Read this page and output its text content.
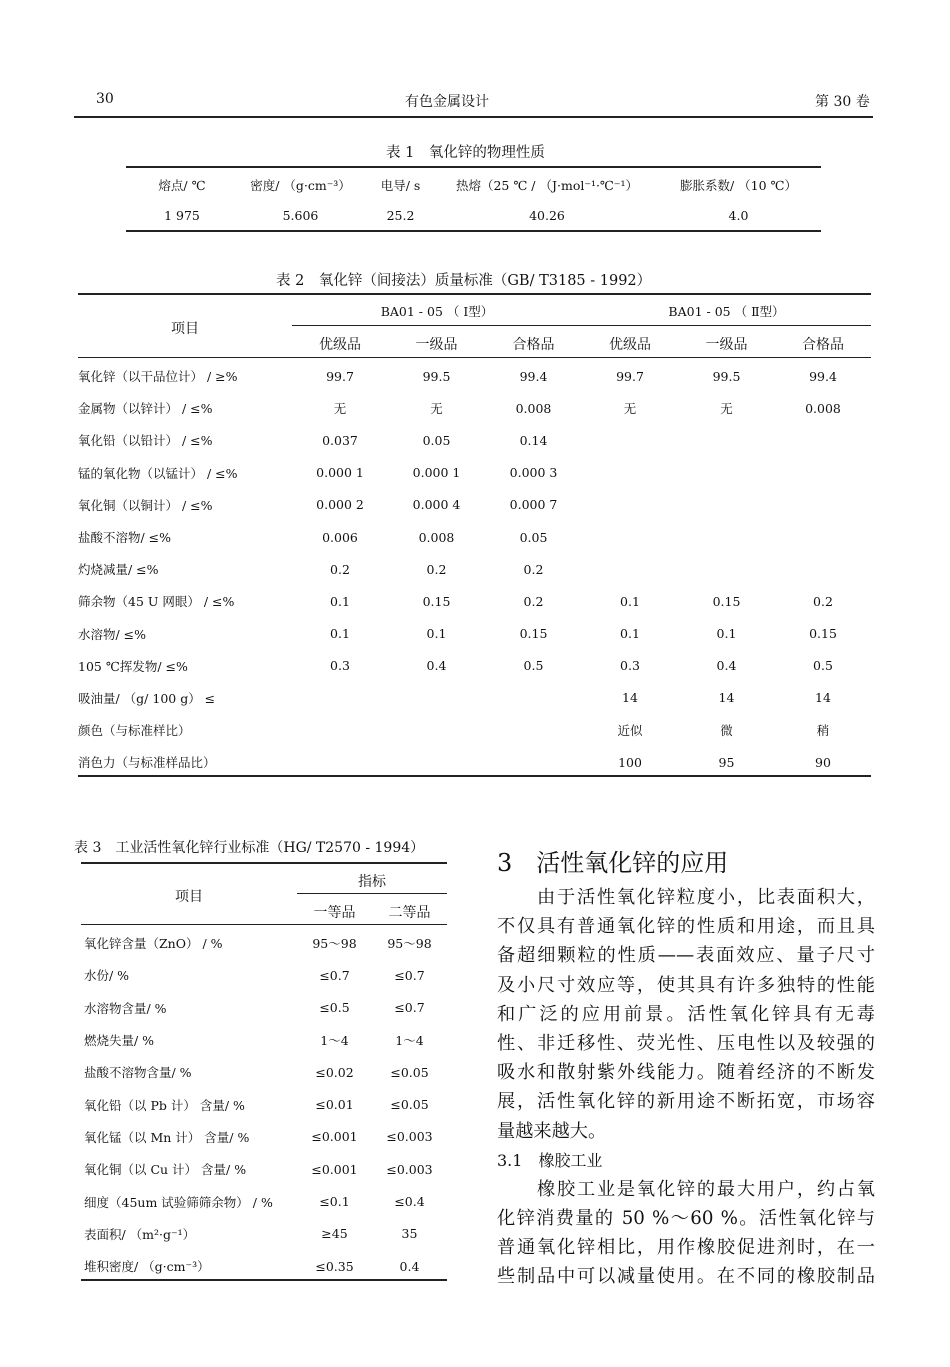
30	有色金属设计	第 30 卷
表 1　氧化锌的物理性质
熔点/ ℃	密度/ （g·cm⁻³）	电导/ s	热熔（25 ℃ / （J·mol⁻¹·℃⁻¹）	膨胀系数/ （10 ℃）
1 975	5.606	25.2	40.26	4.0
表 2　氧化锌（间接法）质量标准（GB/ T3185 - 1992）
项目
BA01 - 05 （ Ⅰ型）	BA01 - 05 （ Ⅱ型）
优级品	一级品	合格品	优级品	一级品	合格品
氧化锌（以干品位计） / ≥%	99.7	99.5	99.4	99.7	99.5	99.4
金属物（以锌计） / ≤%	无	无	0.008	无	无	0.008
氧化铅（以铅计） / ≤%	0.037	0.05	0.14			
锰的氧化物（以锰计） / ≤%	0.000 1	0.000 1	0.000 3			
氧化铜（以铜计） / ≤%	0.000 2	0.000 4	0.000 7			
盐酸不溶物/ ≤%	0.006	0.008	0.05			
灼烧减量/ ≤%	0.2	0.2	0.2			
筛余物（45 U 网眼） / ≤%	0.1	0.15	0.2	0.1	0.15	0.2
水溶物/ ≤%	0.1	0.1	0.15	0.1	0.1	0.15
105 ℃挥发物/ ≤%	0.3	0.4	0.5	0.3	0.4	0.5
吸油量/ （g/ 100 g） ≤				14	14	14
颜色（与标准样比）				近似	微	稍
消色力（与标准样品比）				100	95	90
表 3　工业活性氧化锌行业标准（HG/ T2570 - 1994）
项目
指标
一等品	二等品
氧化锌含量（ZnO） / %	95～98	95～98
水份/ %	≤0.7	≤0.7
水溶物含量/ %	≤0.5	≤0.7
燃烧失量/ %	1～4	1～4
盐酸不溶物含量/ %	≤0.02	≤0.05
氧化铅（以 Pb 计） 含量/ %	≤0.01	≤0.05
氧化锰（以 Mn 计） 含量/ %	≤0.001	≤0.003
氧化铜（以 Cu 计） 含量/ %	≤0.001	≤0.003
细度（45um 试验筛筛余物） / %	≤0.1	≤0.4
表面积/ （m²·g⁻¹）	≥45	35
堆积密度/ （g·cm⁻³）	≤0.35	0.4
3　活性氧化锌的应用

　　由于活性氧化锌粒度小，比表面积大，

不仅具有普通氧化锌的性质和用途，而且具

备超细颗粒的性质——表面效应、量子尺寸

及小尺寸效应等，使其具有许多独特的性能

和广泛的应用前景。活性氧化锌具有无毒

性、非迁移性、荧光性、压电性以及较强的

吸水和散射紫外线能力。随着经济的不断发

展，活性氧化锌的新用途不断拓宽，市场容

量越来越大。

3.1　橡胶工业

　　橡胶工业是氧化锌的最大用户，约占氧

化锌消费量的 50 %～60 %。活性氧化锌与

普通氧化锌相比，用作橡胶促进剂时，在一

些制品中可以减量使用。在不同的橡胶制品
